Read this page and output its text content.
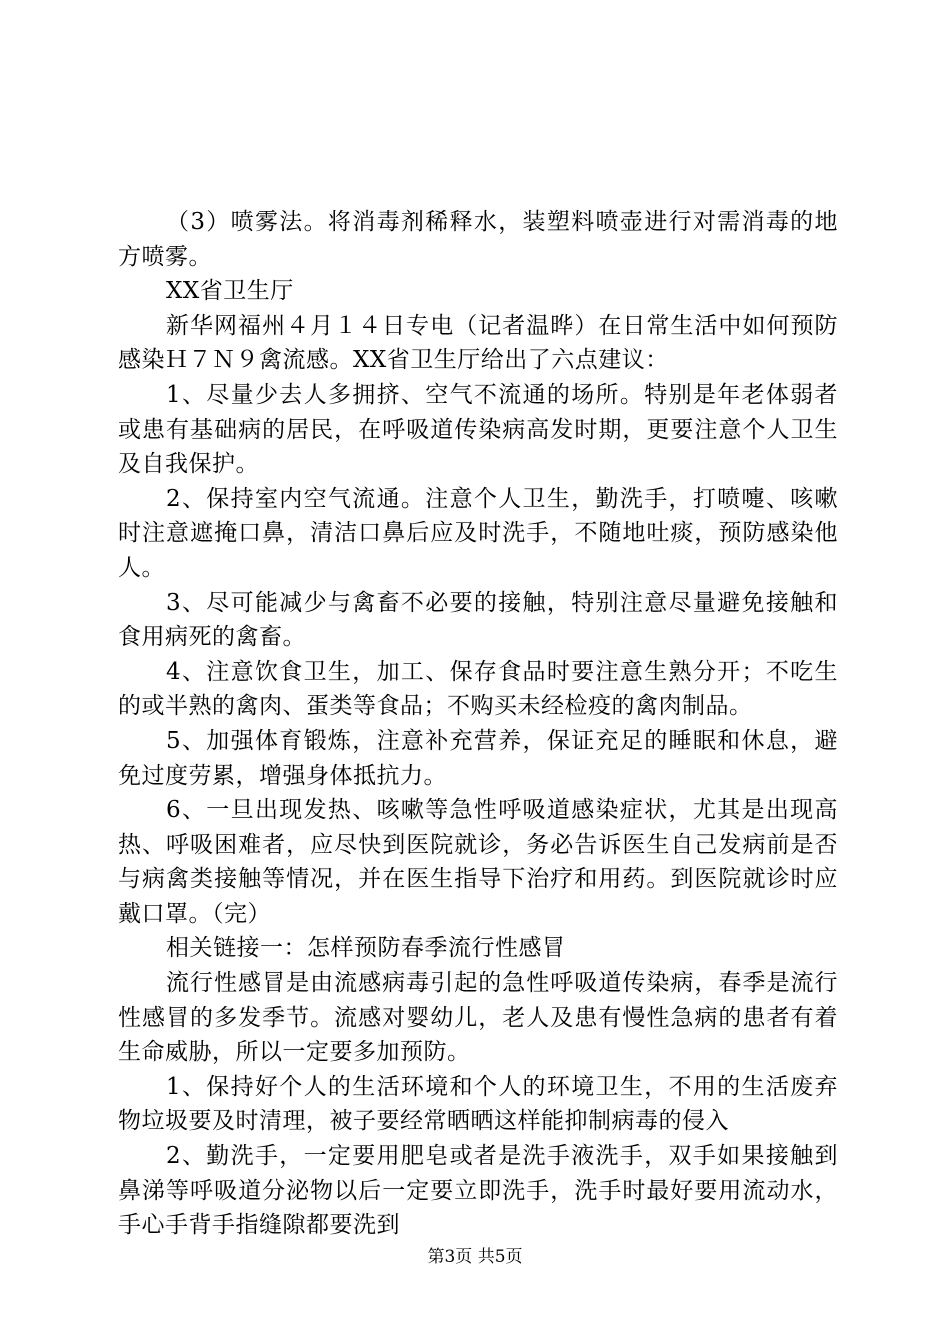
（3）喷雾法。将消毒剂稀释水，装塑料喷壶进行对需消毒的地方喷雾。

XX省卫生厅

新华网福州４月１４日专电（记者温晔）在日常生活中如何预防感染Ｈ７Ｎ９禽流感。XX省卫生厅给出了六点建议：

1、尽量少去人多拥挤、空气不流通的场所。特别是年老体弱者或患有基础病的居民，在呼吸道传染病高发时期，更要注意个人卫生及自我保护。

2、保持室内空气流通。注意个人卫生，勤洗手，打喷嚏、咳嗽时注意遮掩口鼻，清洁口鼻后应及时洗手，不随地吐痰，预防感染他人。

3、尽可能减少与禽畜不必要的接触，特别注意尽量避免接触和食用病死的禽畜。

4、注意饮食卫生，加工、保存食品时要注意生熟分开；不吃生的或半熟的禽肉、蛋类等食品；不购买未经检疫的禽肉制品。

5、加强体育锻炼，注意补充营养，保证充足的睡眠和休息，避免过度劳累，增强身体抵抗力。

6、一旦出现发热、咳嗽等急性呼吸道感染症状，尤其是出现高热、呼吸困难者，应尽快到医院就诊，务必告诉医生自己发病前是否与病禽类接触等情况，并在医生指导下治疗和用药。到医院就诊时应戴口罩。（完）

相关链接一：怎样预防春季流行性感冒

流行性感冒是由流感病毒引起的急性呼吸道传染病，春季是流行性感冒的多发季节。流感对婴幼儿，老人及患有慢性急病的患者有着生命威胁，所以一定要多加预防。

1、保持好个人的生活环境和个人的环境卫生，不用的生活废弃物垃圾要及时清理，被子要经常晒晒这样能抑制病毒的侵入

2、勤洗手，一定要用肥皂或者是洗手液洗手，双手如果接触到鼻涕等呼吸道分泌物以后一定要立即洗手，洗手时最好要用流动水，手心手背手指缝隙都要洗到

第3页 共5页
